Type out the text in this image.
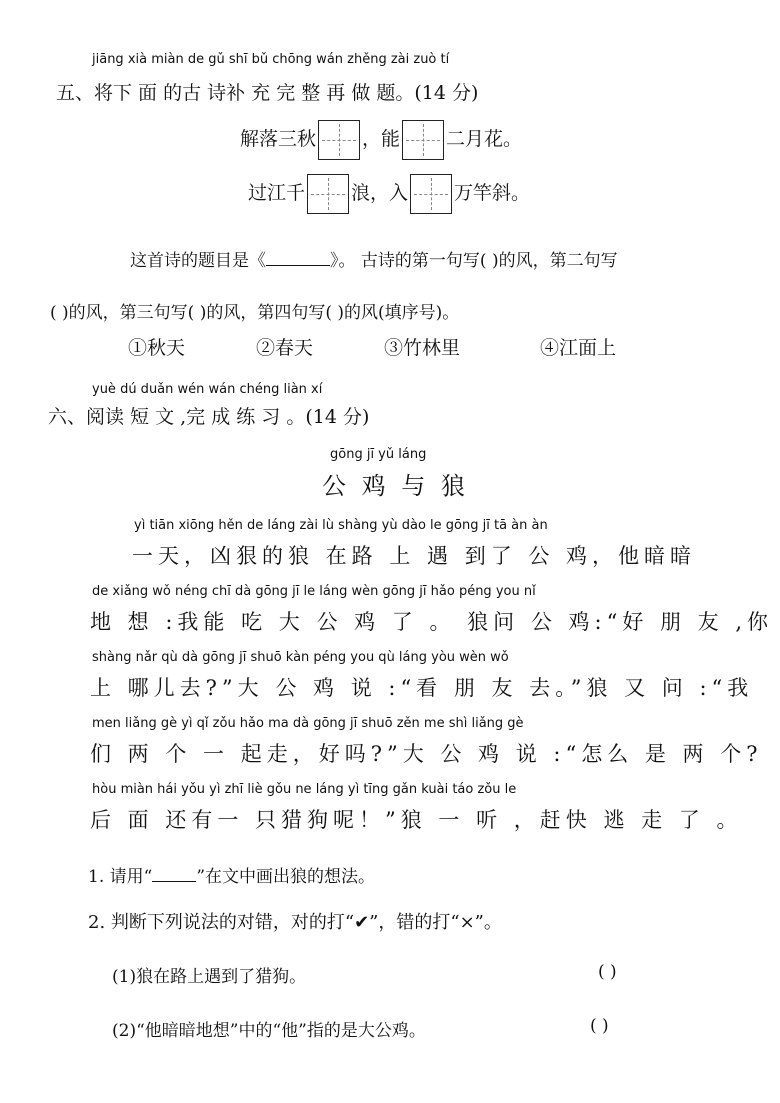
jiāng xià miàn de gǔ shī bǔ chōng wán zhěng zài zuò tí
五、将下 面 的古 诗补 充 完 整 再 做 题。(14 分)
解落三秋 ，能 二月花。
过江千 浪，入 万竿斜。
这首诗的题目是《	》。 古诗的第一句写( )的风，第二句写
( )的风，第三句写( )的风，第四句写( )的风(填序号)。
①秋天	②春天	③竹林里	④江面上
yuè dú duǎn wén wán chéng liàn xí
六、阅读 短 文 ,完 成 练 习 。(14 分)
gōng jī yǔ láng
公 鸡 与 狼
yì tiān xiōng hěn de láng zài lù shàng yù dào le gōng jī tā àn àn
一天，凶狠的狼 在路 上 遇 到了 公 鸡，他暗暗
de xiǎng wǒ néng chī dà gōng jī le láng wèn gōng jī hǎo péng you nǐ
地 想 :我能 吃 大 公 鸡 了 。 狼问 公 鸡:“好 朋 友 ,你
shàng nǎr qù dà gōng jī shuō kàn péng you qù láng yòu wèn wǒ
上 哪儿去?”大 公 鸡 说 :“看 朋 友 去。”狼 又 问 :“我
men liǎng gè yì qǐ zǒu hǎo ma dà gōng jī shuō zěn me shì liǎng gè
们 两 个 一 起走，好吗?”大 公 鸡 说 :“怎么 是 两 个?
hòu miàn hái yǒu yì zhī liè gǒu ne láng yì tīng gǎn kuài táo zǒu le
后 面 还有一 只猎狗呢！”狼 一 听 ，赶快 逃 走 了 。
1. 请用“	”在文中画出狼的想法。
2. 判断下列说法的对错，对的打“✔”，错的打“×”。
(1)狼在路上遇到了猎狗。	( )
(2)“他暗暗地想”中的“他”指的是大公鸡。	( )
